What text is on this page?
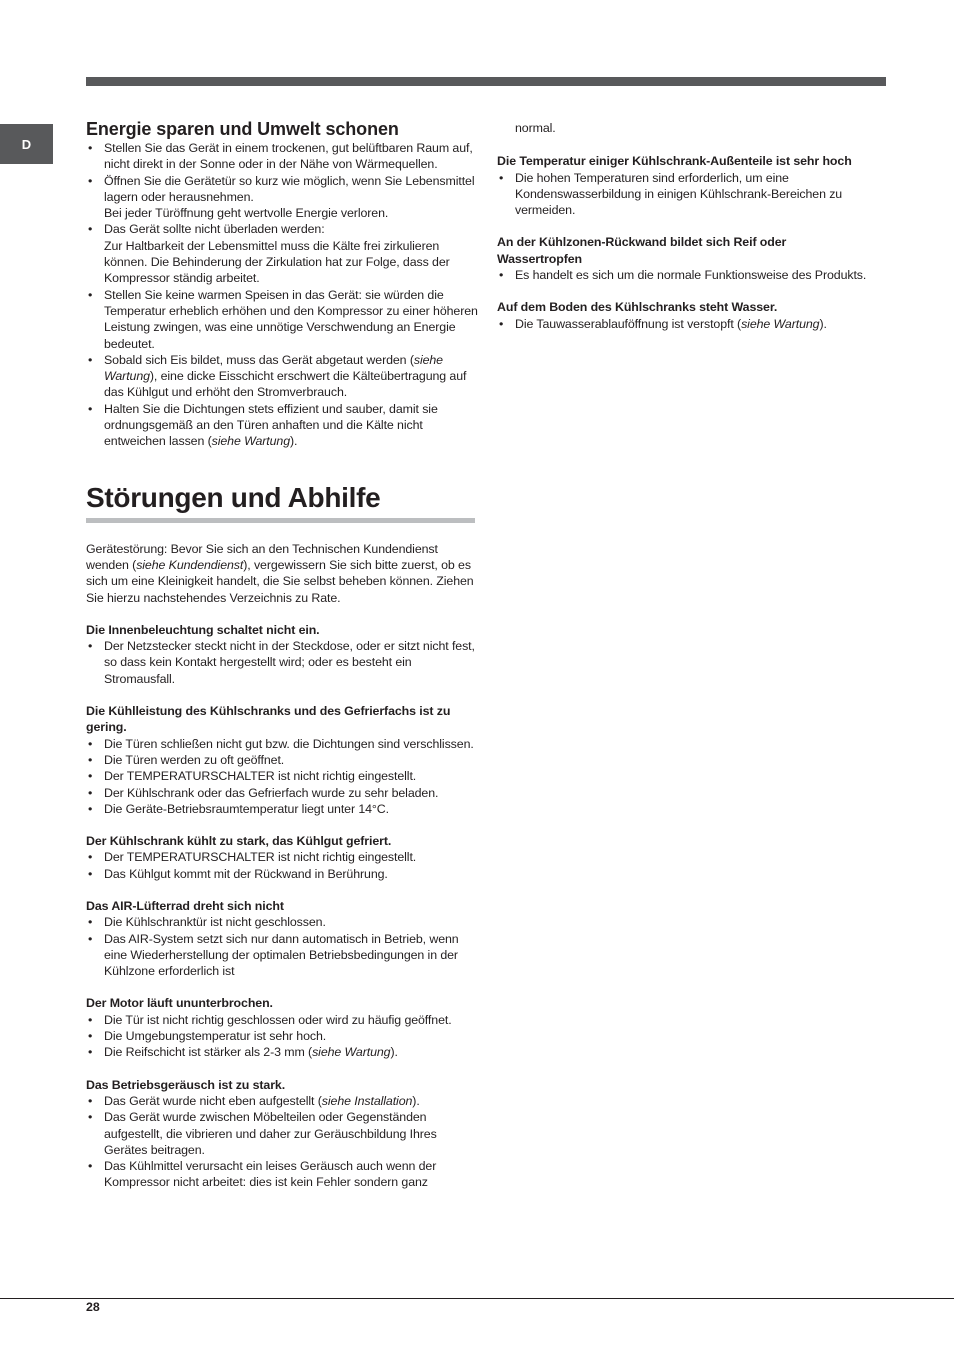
D
Energie sparen und Umwelt schonen
• Stellen Sie das Gerät in einem trockenen, gut belüftbaren Raum auf, nicht direkt in der Sonne oder in der Nähe von Wärmequellen.
• Öffnen Sie die Gerätetür so kurz wie möglich, wenn Sie Lebensmittel lagern oder herausnehmen.
Bei jeder Türöffnung geht wertvolle Energie verloren.
• Das Gerät sollte nicht überladen werden:
Zur Haltbarkeit der Lebensmittel muss die Kälte frei zirkulieren können. Die Behinderung der Zirkulation hat zur Folge, dass der Kompressor ständig arbeitet.
• Stellen Sie keine warmen Speisen in das Gerät: sie würden die Temperatur erheblich erhöhen und den Kompressor zu einer höheren Leistung zwingen, was eine unnötige Verschwendung an Energie bedeutet.
• Sobald sich Eis bildet, muss das Gerät abgetaut werden (siehe Wartung), eine dicke Eisschicht erschwert die Kälteübertragung auf das Kühlgut und erhöht den Stromverbrauch.
• Halten Sie die Dichtungen stets effizient und sauber, damit sie ordnungsgemäß an den Türen anhaften und die Kälte nicht entweichen lassen (siehe Wartung).
Störungen und Abhilfe

Gerätestörung: Bevor Sie sich an den Technischen Kundendienst wenden (siehe Kundendienst), vergewissern Sie sich bitte zuerst, ob es sich um eine Kleinigkeit handelt, die Sie selbst beheben können. Ziehen Sie hierzu nachstehendes Verzeichnis zu Rate.

Die Innenbeleuchtung schaltet nicht ein.
• Der Netzstecker steckt nicht in der Steckdose, oder er sitzt nicht fest, so dass kein Kontakt hergestellt wird; oder es besteht ein Stromausfall.
Die Kühlleistung des Kühlschranks und des Gefrierfachs ist zu gering.
• Die Türen schließen nicht gut bzw. die Dichtungen sind verschlissen.
• Die Türen werden zu oft geöffnet.
• Der TEMPERATURSCHALTER ist nicht richtig eingestellt.
• Der Kühlschrank oder das Gefrierfach wurde zu sehr beladen.
• Die Geräte-Betriebsraumtemperatur liegt unter 14°C.
Der Kühlschrank kühlt zu stark, das Kühlgut gefriert.
• Der TEMPERATURSCHALTER ist nicht richtig eingestellt.
• Das Kühlgut kommt mit der Rückwand in Berührung.
Das AIR-Lüfterrad dreht sich nicht
• Die Kühlschranktür ist nicht geschlossen.
• Das AIR-System setzt sich nur dann automatisch in Betrieb, wenn eine Wiederherstellung der optimalen Betriebsbedingungen in der Kühlzone erforderlich ist
Der Motor läuft ununterbrochen.
• Die Tür ist nicht richtig geschlossen oder wird zu häufig geöffnet.
• Die Umgebungstemperatur ist sehr hoch.
• Die Reifschicht ist stärker als 2-3 mm (siehe Wartung).
Das Betriebsgeräusch ist zu stark.
• Das Gerät wurde nicht eben aufgestellt (siehe Installation).
• Das Gerät wurde zwischen Möbelteilen oder Gegenständen aufgestellt, die vibrieren und daher zur Geräuschbildung Ihres Gerätes beitragen.
• Das Kühlmittel verursacht ein leises Geräusch auch wenn der Kompressor nicht arbeitet: dies ist kein Fehler sondern ganz

normal.

Die Temperatur einiger Kühlschrank-Außenteile ist sehr hoch
• Die hohen Temperaturen sind erforderlich, um eine Kondenswasserbildung in einigen Kühlschrank-Bereichen zu vermeiden.
An der Kühlzonen-Rückwand bildet sich Reif oder Wassertropfen
• Es handelt es sich um die normale Funktionsweise des Produkts.
Auf dem Boden des Kühlschranks steht Wasser.
• Die Tauwasserablauföffnung ist verstopft (siehe Wartung).
28
